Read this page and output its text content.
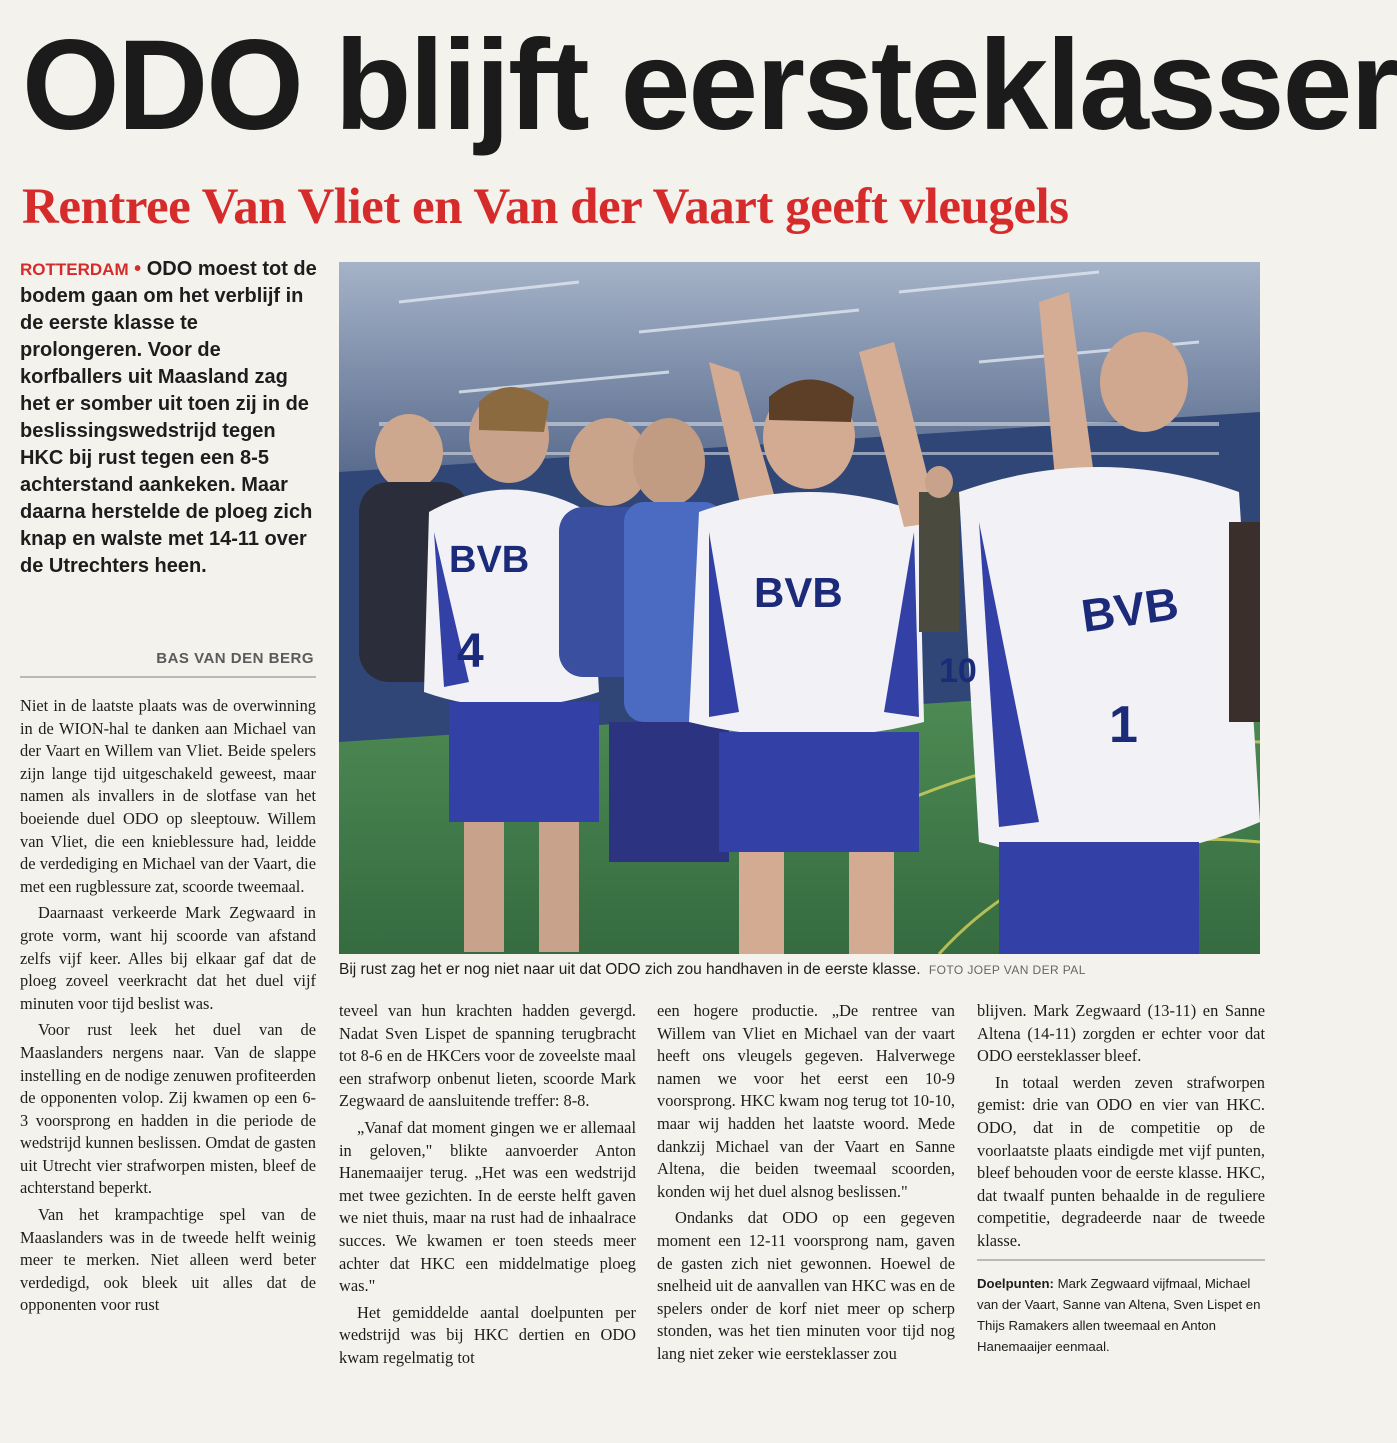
ODO blijft eersteklasser
Rentree Van Vliet en Van der Vaart geeft vleugels
ROTTERDAM • ODO moest tot de bodem gaan om het verblijf in de eerste klasse te prolongeren. Voor de korfballers uit Maasland zag het er somber uit toen zij in de beslissingswedstrijd tegen HKC bij rust tegen een 8-5 achterstand aankeken. Maar daarna herstelde de ploeg zich knap en walste met 14-11 over de Utrechters heen.
BAS VAN DEN BERG
BVB
4
BVB	BVB
1
10
Bij rust zag het er nog niet naar uit dat ODO zich zou handhaven in de eerste klasse. FOTO JOEP VAN DER PAL

Niet in de laatste plaats was de overwinning in de WION-hal te danken aan Michael van der Vaart en Willem van Vliet. Beide spelers zijn lange tijd uitgeschakeld geweest, maar namen als invallers in de slotfase van het boeiende duel ODO op sleeptouw. Willem van Vliet, die een knieblessure had, leidde de verdediging en Michael van der Vaart, die met een rugblessure zat, scoorde tweemaal.

Daarnaast verkeerde Mark Zegwaard in grote vorm, want hij scoorde van afstand zelfs vijf keer. Alles bij elkaar gaf dat de ploeg zoveel veerkracht dat het duel vijf minuten voor tijd beslist was.

Voor rust leek het duel van de Maaslanders nergens naar. Van de slappe instelling en de nodige zenuwen profiteerden de opponenten volop. Zij kwamen op een 6-3 voorsprong en hadden in die periode de wedstrijd kunnen beslissen. Omdat de gasten uit Utrecht vier strafworpen misten, bleef de achterstand beperkt.

Van het krampachtige spel van de Maaslanders was in de tweede helft weinig meer te merken. Niet alleen werd beter verdedigd, ook bleek uit alles dat de opponenten voor rust

teveel van hun krachten hadden gevergd. Nadat Sven Lispet de spanning terugbracht tot 8-6 en de HKCers voor de zoveelste maal een strafworp onbenut lieten, scoorde Mark Zegwaard de aansluitende treffer: 8-8.

„Vanaf dat moment gingen we er allemaal in geloven," blikte aanvoerder Anton Hanemaaijer terug. „Het was een wedstrijd met twee gezichten. In de eerste helft gaven we niet thuis, maar na rust had de inhaalrace succes. We kwamen er toen steeds meer achter dat HKC een middelmatige ploeg was."

Het gemiddelde aantal doelpunten per wedstrijd was bij HKC dertien en ODO kwam regelmatig tot

een hogere productie. „De rentree van Willem van Vliet en Michael van der vaart heeft ons vleugels gegeven. Halverwege namen we voor het eerst een 10-9 voorsprong. HKC kwam nog terug tot 10-10, maar wij hadden het laatste woord. Mede dankzij Michael van der Vaart en Sanne Altena, die beiden tweemaal scoorden, konden wij het duel alsnog beslissen."

Ondanks dat ODO op een gegeven moment een 12-11 voorsprong nam, gaven de gasten zich niet gewonnen. Hoewel de snelheid uit de aanvallen van HKC was en de spelers onder de korf niet meer op scherp stonden, was het tien minuten voor tijd nog lang niet zeker wie eersteklasser zou

blijven. Mark Zegwaard (13-11) en Sanne Altena (14-11) zorgden er echter voor dat ODO eersteklasser bleef.

In totaal werden zeven strafworpen gemist: drie van ODO en vier van HKC. ODO, dat in de competitie op de voorlaatste plaats eindigde met vijf punten, bleef behouden voor de eerste klasse. HKC, dat twaalf punten behaalde in de reguliere competitie, degradeerde naar de tweede klasse.

Doelpunten: Mark Zegwaard vijfmaal, Michael van der Vaart, Sanne van Altena, Sven Lispet en Thijs Ramakers allen tweemaal en Anton Hanemaaijer eenmaal.
